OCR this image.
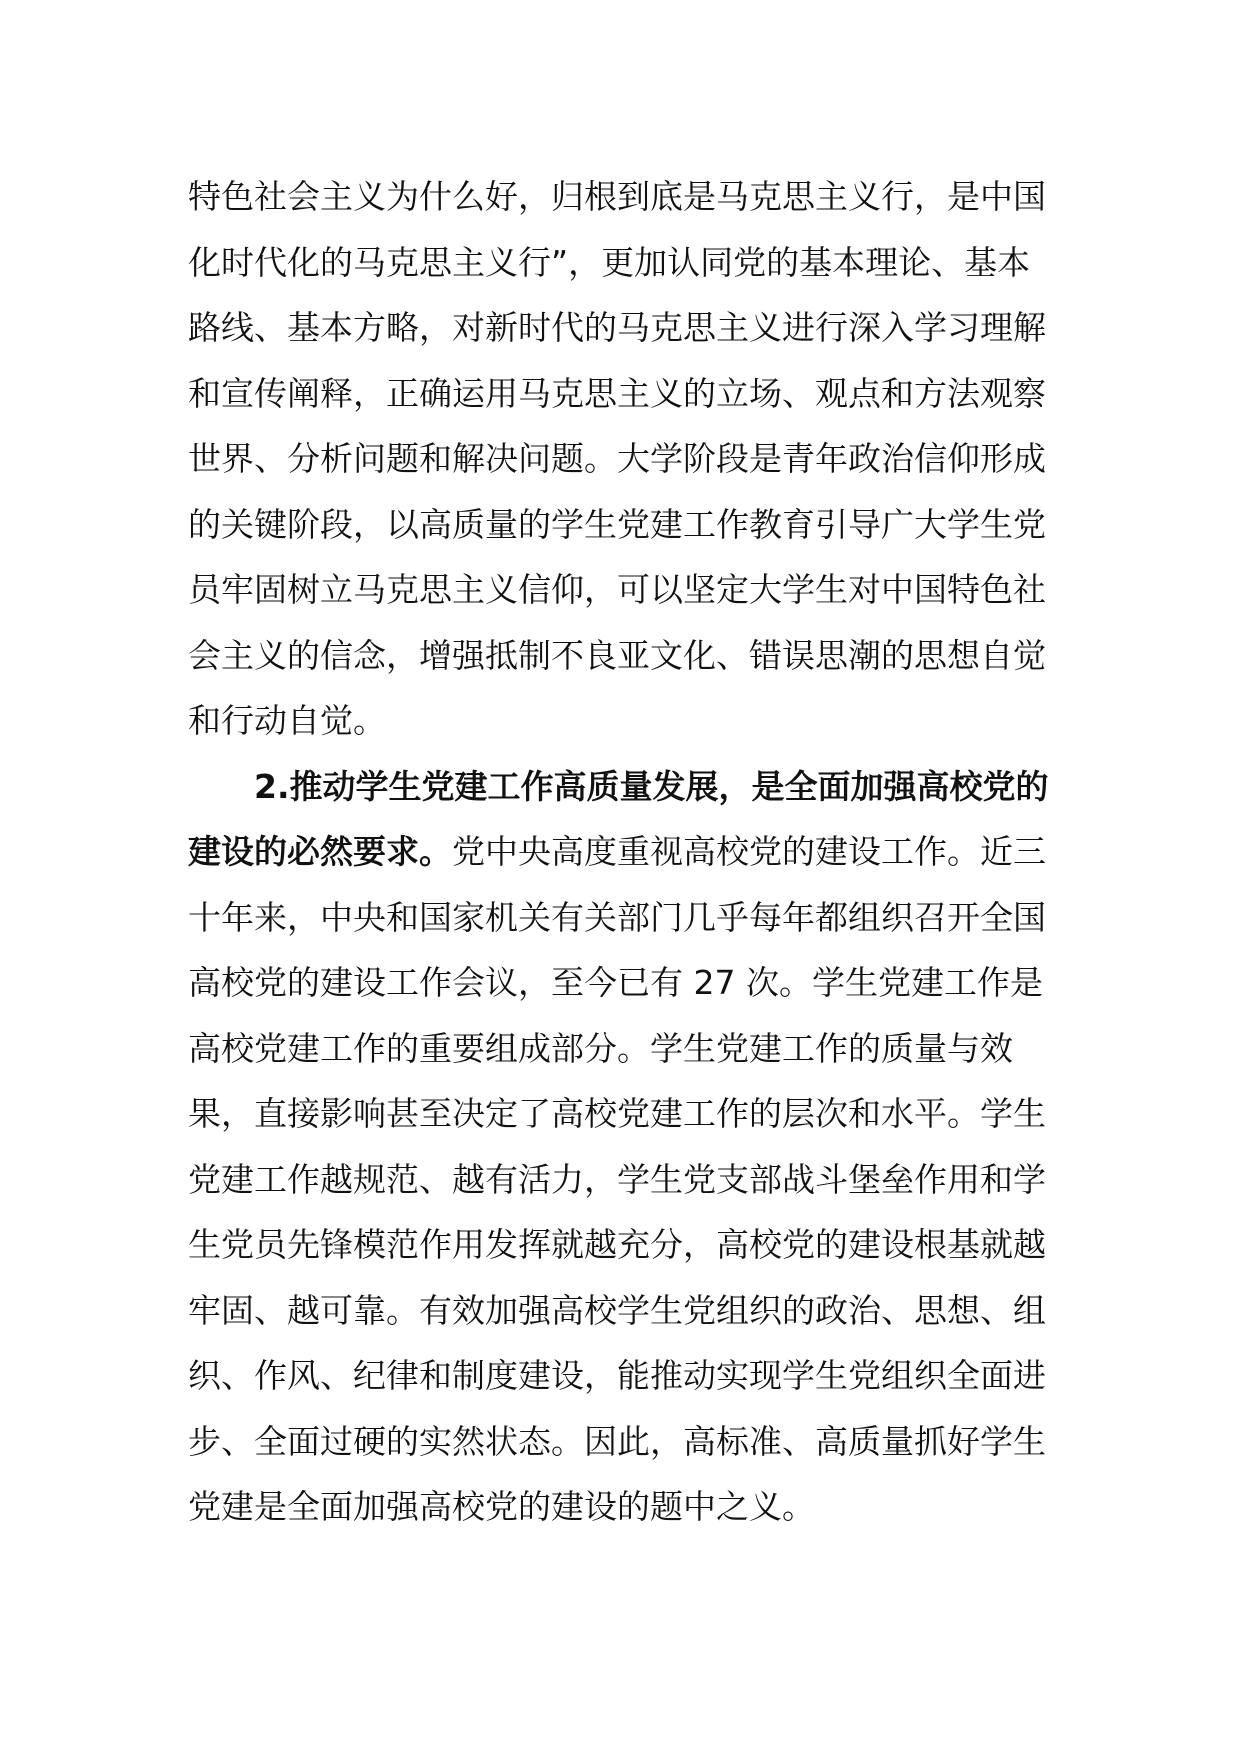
特色社会主义为什么好，归根到底是马克思主义行，是中国化时代化的马克思主义行”，更加认同党的基本理论、基本路线、基本方略，对新时代的马克思主义进行深入学习理解和宣传阐释，正确运用马克思主义的立场、观点和方法观察世界、分析问题和解决问题。大学阶段是青年政治信仰形成的关键阶段，以高质量的学生党建工作教育引导广大学生党员牢固树立马克思主义信仰，可以坚定大学生对中国特色社会主义的信念，增强抵制不良亚文化、错误思潮的思想自觉和行动自觉。

2.推动学生党建工作高质量发展，是全面加强高校党的建设的必然要求。党中央高度重视高校党的建设工作。近三十年来，中央和国家机关有关部门几乎每年都组织召开全国高校党的建设工作会议，至今已有 27 次。学生党建工作是高校党建工作的重要组成部分。学生党建工作的质量与效果，直接影响甚至决定了高校党建工作的层次和水平。学生党建工作越规范、越有活力，学生党支部战斗堡垒作用和学生党员先锋模范作用发挥就越充分，高校党的建设根基就越牢固、越可靠。有效加强高校学生党组织的政治、思想、组织、作风、纪律和制度建设，能推动实现学生党组织全面进步、全面过硬的实然状态。因此，高标准、高质量抓好学生党建是全面加强高校党的建设的题中之义。
